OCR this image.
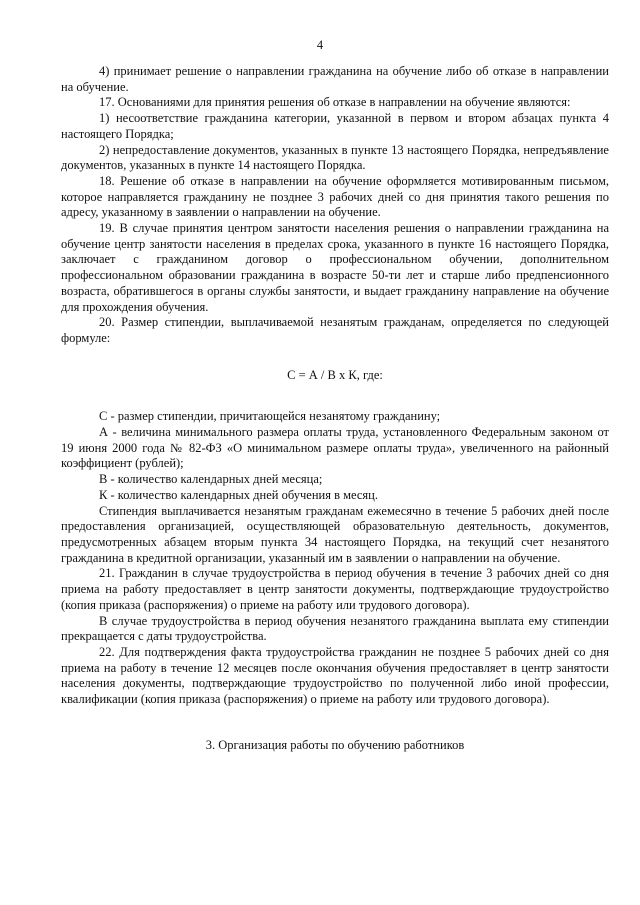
4

4) принимает решение о направлении гражданина на обучение либо об отказе в направлении на обучение.

17. Основаниями для принятия решения об отказе в направлении на обучение являются:

1) несоответствие гражданина категории, указанной в первом и втором абзацах пункта 4 настоящего Порядка;

2) непредоставление документов, указанных в пункте 13 настоящего Порядка, непредъявление документов, указанных в пункте 14 настоящего Порядка.

18. Решение об отказе в направлении на обучение оформляется мотивированным письмом, которое направляется гражданину не позднее 3 рабочих дней со дня принятия такого решения по адресу, указанному в заявлении о направлении на обучение.

19. В случае принятия центром занятости населения решения о направлении гражданина на обучение центр занятости населения в пределах срока, указанного в пункте 16 настоящего Порядка, заключает с гражданином договор о профессиональном обучении, дополнительном профессиональном образовании гражданина в возрасте 50-ти лет и старше либо предпенсионного возраста, обратившегося в органы службы занятости, и выдает гражданину направление на обучение для прохождения обучения.

20. Размер стипендии, выплачиваемой незанятым гражданам, определяется по следующей формуле:

С = А / В х К, где:

С - размер стипендии, причитающейся незанятому гражданину;

А - величина минимального размера оплаты труда, установленного Федеральным законом от 19 июня 2000 года № 82-ФЗ «О минимальном размере оплаты труда», увеличенного на районный коэффициент (рублей);

В - количество календарных дней месяца;

К - количество календарных дней обучения в месяц.

Стипендия выплачивается незанятым гражданам ежемесячно в течение 5 рабочих дней после предоставления организацией, осуществляющей образовательную деятельность, документов, предусмотренных абзацем вторым пункта 34 настоящего Порядка, на текущий счет незанятого гражданина в кредитной организации, указанный им в заявлении о направлении на обучение.

21. Гражданин в случае трудоустройства в период обучения в течение 3 рабочих дней со дня приема на работу предоставляет в центр занятости документы, подтверждающие трудоустройство (копия приказа (распоряжения) о приеме на работу или трудового договора).

В случае трудоустройства в период обучения незанятого гражданина выплата ему стипендии прекращается с даты трудоустройства.

22. Для подтверждения факта трудоустройства гражданин не позднее 5 рабочих дней со дня приема на работу в течение 12 месяцев после окончания обучения предоставляет в центр занятости населения документы, подтверждающие трудоустройство по полученной либо иной профессии, квалификации (копия приказа (распоряжения) о приеме на работу или трудового договора).

3. Организация работы по обучению работников
